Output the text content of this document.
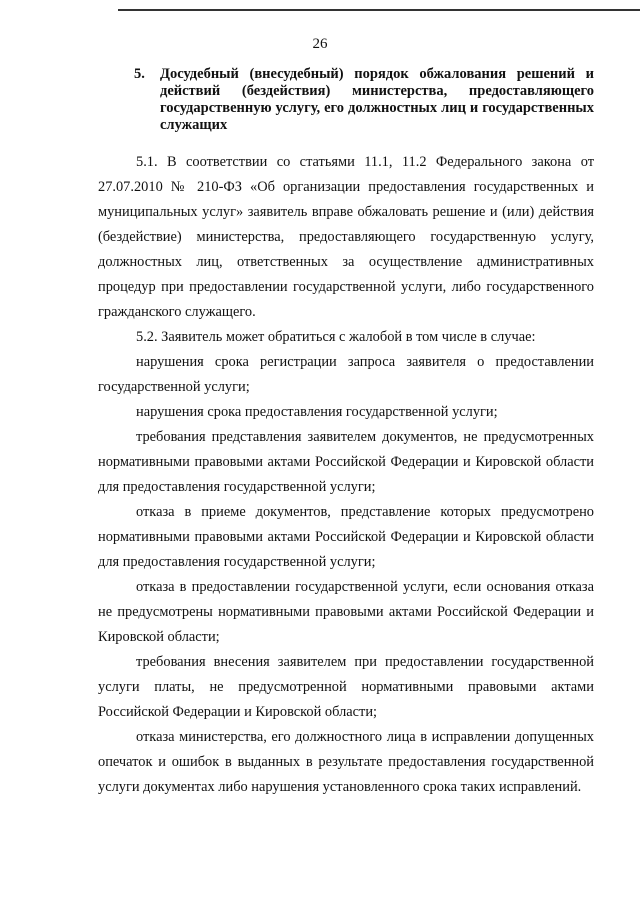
26
5. Досудебный (внесудебный) порядок обжалования решений и действий (бездействия) министерства, предоставляющего государственную услугу, его должностных лиц и государственных служащих

5.1. В соответствии со статьями 11.1, 11.2 Федерального закона от 27.07.2010 № 210-ФЗ «Об организации предоставления государственных и муниципальных услуг» заявитель вправе обжаловать решение и (или) действия (бездействие) министерства, предоставляющего государственную услугу, должностных лиц, ответственных за осуществление административных процедур при предоставлении государственной услуги, либо государственного гражданского служащего.

5.2. Заявитель может обратиться с жалобой в том числе в случае:

нарушения срока регистрации запроса заявителя о предоставлении государственной услуги;

нарушения срока предоставления государственной услуги;

требования представления заявителем документов, не предусмотренных нормативными правовыми актами Российской Федерации и Кировской области для предоставления государственной услуги;

отказа в приеме документов, представление которых предусмотрено нормативными правовыми актами Российской Федерации и Кировской области для предоставления государственной услуги;

отказа в предоставлении государственной услуги, если основания отказа не предусмотрены нормативными правовыми актами Российской Федерации и Кировской области;

требования внесения заявителем при предоставлении государственной услуги платы, не предусмотренной нормативными правовыми актами Российской Федерации и Кировской области;

отказа министерства, его должностного лица в исправлении допущенных опечаток и ошибок в выданных в результате предоставления государственной услуги документах либо нарушения установленного срока таких исправлений.
